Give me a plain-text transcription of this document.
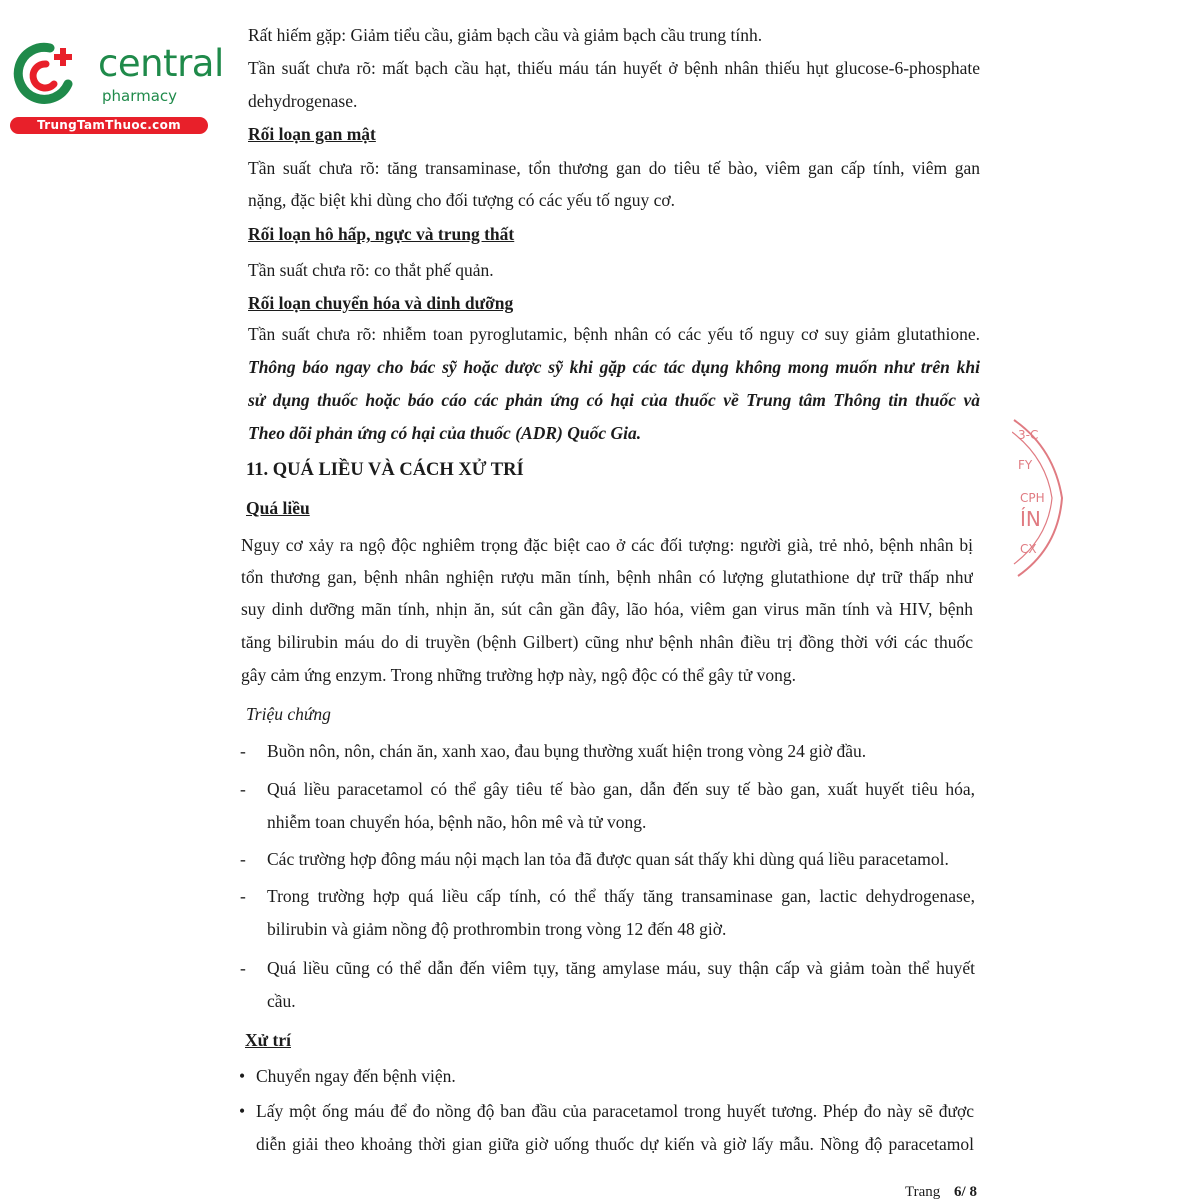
central
pharmacy
TrungTamThuoc.com
Rất hiếm gặp: Giảm tiểu cầu, giảm bạch cầu và giảm bạch cầu trung tính.
Tần suất chưa rõ: mất bạch cầu hạt, thiếu máu tán huyết ở bệnh nhân thiếu hụt glucose-6-phosphate
dehydrogenase.
Rối loạn gan mật
Tần suất chưa rõ: tăng transaminase, tổn thương gan do tiêu tế bào, viêm gan cấp tính, viêm gan
nặng, đặc biệt khi dùng cho đối tượng có các yếu tố nguy cơ.
Rối loạn hô hấp, ngực và trung thất
Tần suất chưa rõ: co thắt phế quản.
Rối loạn chuyển hóa và dinh dưỡng
Tần suất chưa rõ: nhiễm toan pyroglutamic, bệnh nhân có các yếu tố nguy cơ suy giảm glutathione.
Thông báo ngay cho bác sỹ hoặc dược sỹ khi gặp các tác dụng không mong muốn như trên khi
sử dụng thuốc hoặc báo cáo các phản ứng có hại của thuốc về Trung tâm Thông tin thuốc và
Theo dõi phản ứng có hại của thuốc (ADR) Quốc Gia.
11. QUÁ LIỀU VÀ CÁCH XỬ TRÍ
Quá liều
Nguy cơ xảy ra ngộ độc nghiêm trọng đặc biệt cao ở các đối tượng: người già, trẻ nhỏ, bệnh nhân bị
tổn thương gan, bệnh nhân nghiện rượu mãn tính, bệnh nhân có lượng glutathione dự trữ thấp như
suy dinh dưỡng mãn tính, nhịn ăn, sút cân gần đây, lão hóa, viêm gan virus mãn tính và HIV, bệnh
tăng bilirubin máu do di truyền (bệnh Gilbert) cũng như bệnh nhân điều trị đồng thời với các thuốc
gây cảm ứng enzym. Trong những trường hợp này, ngộ độc có thể gây tử vong.
Triệu chứng
- Buồn nôn, nôn, chán ăn, xanh xao, đau bụng thường xuất hiện trong vòng 24 giờ đầu.
- Quá liều paracetamol có thể gây tiêu tế bào gan, dẫn đến suy tế bào gan, xuất huyết tiêu hóa,
nhiễm toan chuyển hóa, bệnh não, hôn mê và tử vong.
- Các trường hợp đông máu nội mạch lan tỏa đã được quan sát thấy khi dùng quá liều paracetamol.
- Trong trường hợp quá liều cấp tính, có thể thấy tăng transaminase gan, lactic dehydrogenase,
bilirubin và giảm nồng độ prothrombin trong vòng 12 đến 48 giờ.
- Quá liều cũng có thể dẫn đến viêm tụy, tăng amylase máu, suy thận cấp và giảm toàn thể huyết
cầu.
Xử trí
• Chuyển ngay đến bệnh viện.
• Lấy một ống máu để đo nồng độ ban đầu của paracetamol trong huyết tương. Phép đo này sẽ được
diễn giải theo khoảng thời gian giữa giờ uống thuốc dự kiến và giờ lấy mẫu. Nồng độ paracetamol
3-C
FY
CPH
ÍN
CX
Trang 6/ 8
